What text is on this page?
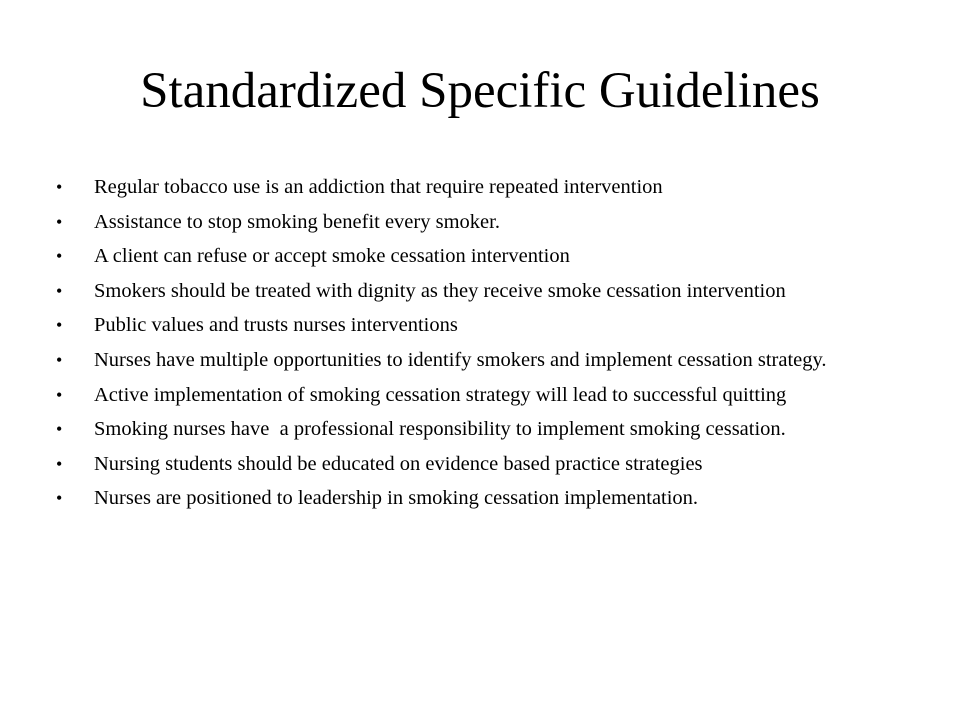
Standardized Specific Guidelines
• Regular tobacco use is an addiction that require repeated intervention
• Assistance to stop smoking benefit every smoker.
• A client can refuse or accept smoke cessation intervention
• Smokers should be treated with dignity as they receive smoke cessation intervention
• Public values and trusts nurses interventions
• Nurses have multiple opportunities to identify smokers and implement cessation strategy.
• Active implementation of smoking cessation strategy will lead to successful quitting
• Smoking nurses have  a professional responsibility to implement smoking cessation.
• Nursing students should be educated on evidence based practice strategies
• Nurses are positioned to leadership in smoking cessation implementation.
